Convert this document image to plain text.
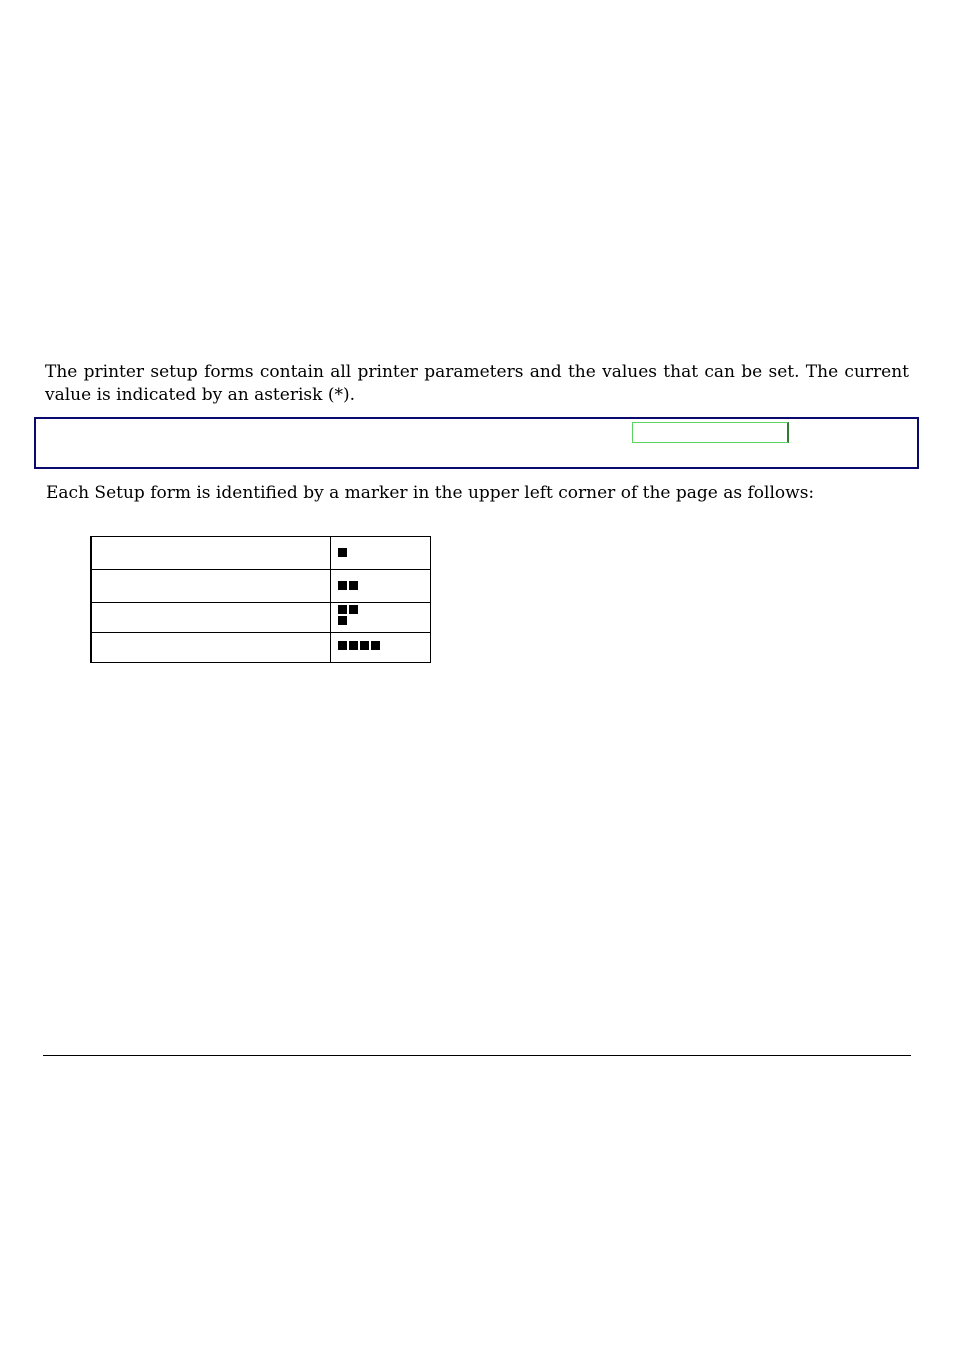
The printer setup forms contain all printer parameters and the values that can be set. The current value is indicated by an asterisk (*).

Each Setup form is identified by a marker in the upper left corner of the page as follows:
